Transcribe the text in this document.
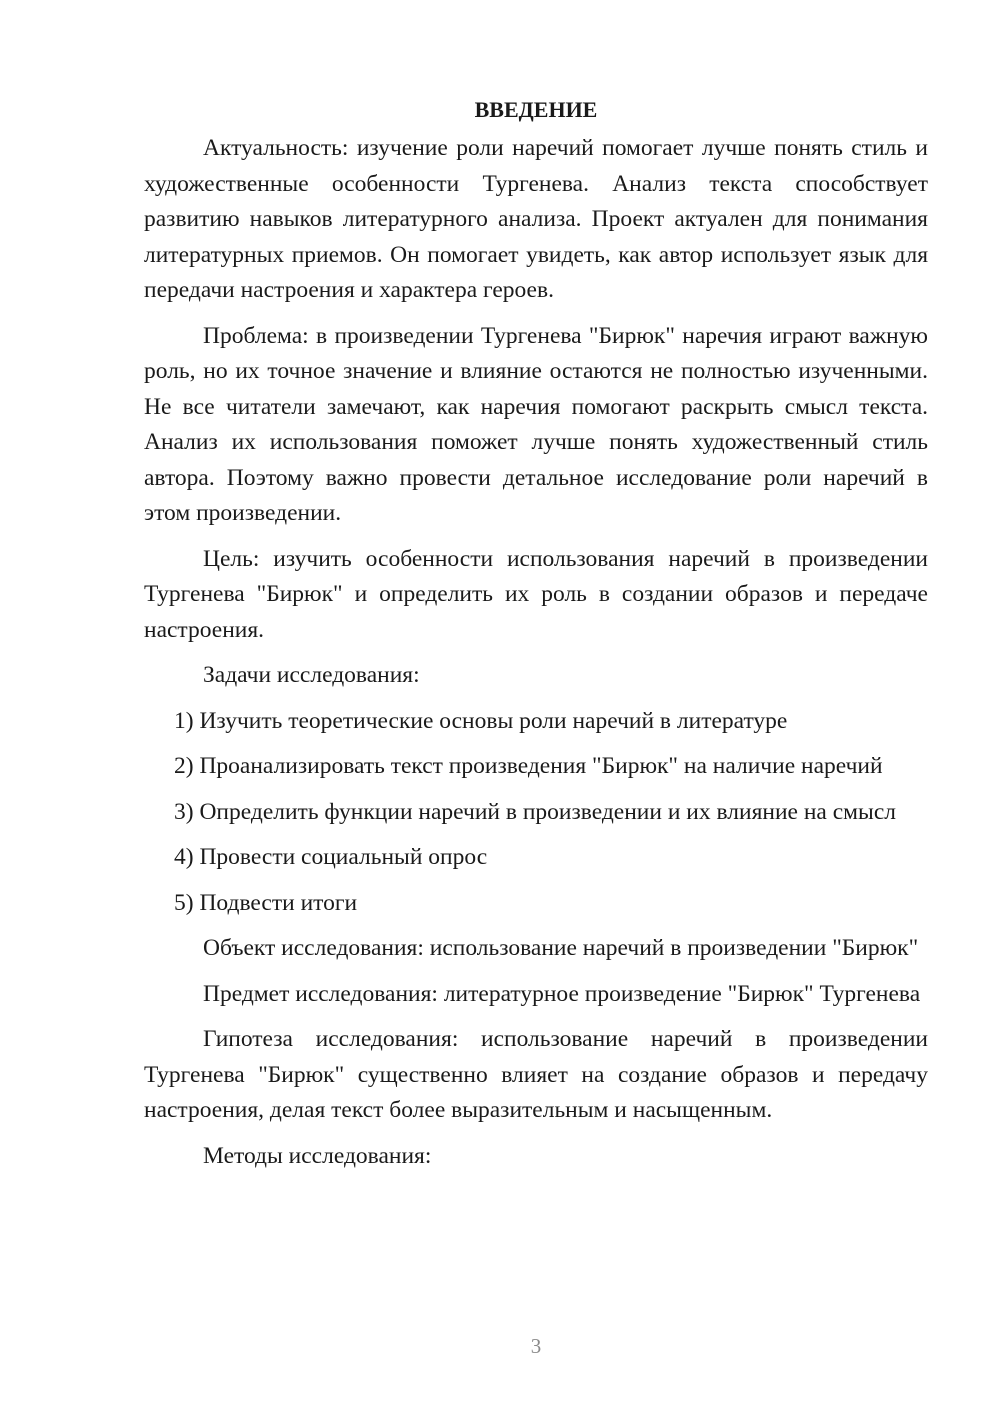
ВВЕДЕНИЕ

Актуальность: изучение роли наречий помогает лучше понять стиль и художественные особенности Тургенева. Анализ текста способствует развитию навыков литературного анализа. Проект актуален для понимания литературных приемов. Он помогает увидеть, как автор использует язык для передачи настроения и характера героев.

Проблема: в произведении Тургенева "Бирюк" наречия играют важную роль, но их точное значение и влияние остаются не полностью изученными. Не все читатели замечают, как наречия помогают раскрыть смысл текста. Анализ их использования поможет лучше понять художественный стиль автора. Поэтому важно провести детальное исследование роли наречий в этом произведении.

Цель: изучить особенности использования наречий в произведении Тургенева "Бирюк" и определить их роль в создании образов и передаче настроения.

Задачи исследования:

1) Изучить теоретические основы роли наречий в литературе

2) Проанализировать текст произведения "Бирюк" на наличие наречий

3) Определить функции наречий в произведении и их влияние на смысл

4) Провести социальный опрос

5) Подвести итоги

Объект исследования: использование наречий в произведении "Бирюк"

Предмет исследования: литературное произведение "Бирюк" Тургенева

Гипотеза исследования: использование наречий в произведении Тургенева "Бирюк" существенно влияет на создание образов и передачу настроения, делая текст более выразительным и насыщенным.

Методы исследования:

3
